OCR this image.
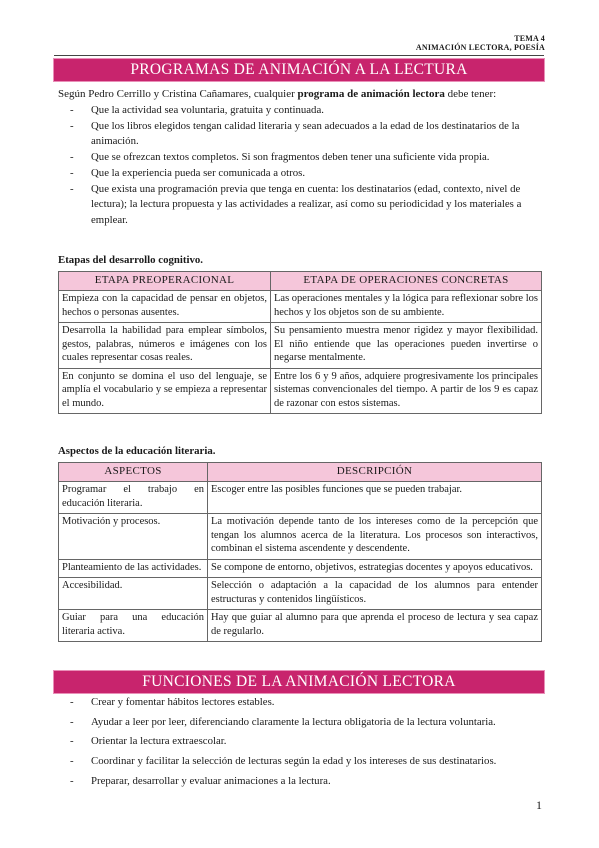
TEMA 4
ANIMACIÓN LECTORA, POESÍA
PROGRAMAS DE ANIMACIÓN A LA LECTURA
Según Pedro Cerrillo y Cristina Cañamares, cualquier programa de animación lectora debe tener:
- Que la actividad sea voluntaria, gratuita y continuada.
- Que los libros elegidos tengan calidad literaria y sean adecuados a la edad de los destinatarios de la animación.
- Que se ofrezcan textos completos. Si son fragmentos deben tener una suficiente vida propia.
- Que la experiencia pueda ser comunicada a otros.
- Que exista una programación previa que tenga en cuenta: los destinatarios (edad, contexto, nivel de lectura); la lectura propuesta y las actividades a realizar, así como su periodicidad y los materiales a emplear.
Etapas del desarrollo cognitivo.
ETAPA PREOPERACIONAL	ETAPA DE OPERACIONES CONCRETAS
Empieza con la capacidad de pensar en objetos, hechos o personas ausentes.	Las operaciones mentales y la lógica para reflexionar sobre los hechos y los objetos son de su ambiente.
Desarrolla la habilidad para emplear símbolos, gestos, palabras, números e imágenes con los cuales representar cosas reales.	Su pensamiento muestra menor rigidez y mayor flexibilidad. El niño entiende que las operaciones pueden invertirse o negarse mentalmente.
En conjunto se domina el uso del lenguaje, se amplía el vocabulario y se empieza a representar el mundo.	Entre los 6 y 9 años, adquiere progresivamente los principales sistemas convencionales del tiempo. A partir de los 9 es capaz de razonar con estos sistemas.
Aspectos de la educación literaria.
ASPECTOS	DESCRIPCIÓN
Programar el trabajo en educación literaria.	Escoger entre las posibles funciones que se pueden trabajar.
Motivación y procesos.	La motivación depende tanto de los intereses como de la percepción que tengan los alumnos acerca de la literatura. Los procesos son interactivos, combinan el sistema ascendente y descendente.
Planteamiento de las actividades.	Se compone de entorno, objetivos, estrategias docentes y apoyos educativos.
Accesibilidad.	Selección o adaptación a la capacidad de los alumnos para entender estructuras y contenidos lingüísticos.
Guiar para una educación literaria activa.	Hay que guiar al alumno para que aprenda el proceso de lectura y sea capaz de regularlo.
FUNCIONES DE LA ANIMACIÓN LECTORA
- Crear y fomentar hábitos lectores estables.
- Ayudar a leer por leer, diferenciando claramente la lectura obligatoria de la lectura voluntaria.
- Orientar la lectura extraescolar.
- Coordinar y facilitar la selección de lecturas según la edad y los intereses de sus destinatarios.
- Preparar, desarrollar y evaluar animaciones a la lectura.
1
